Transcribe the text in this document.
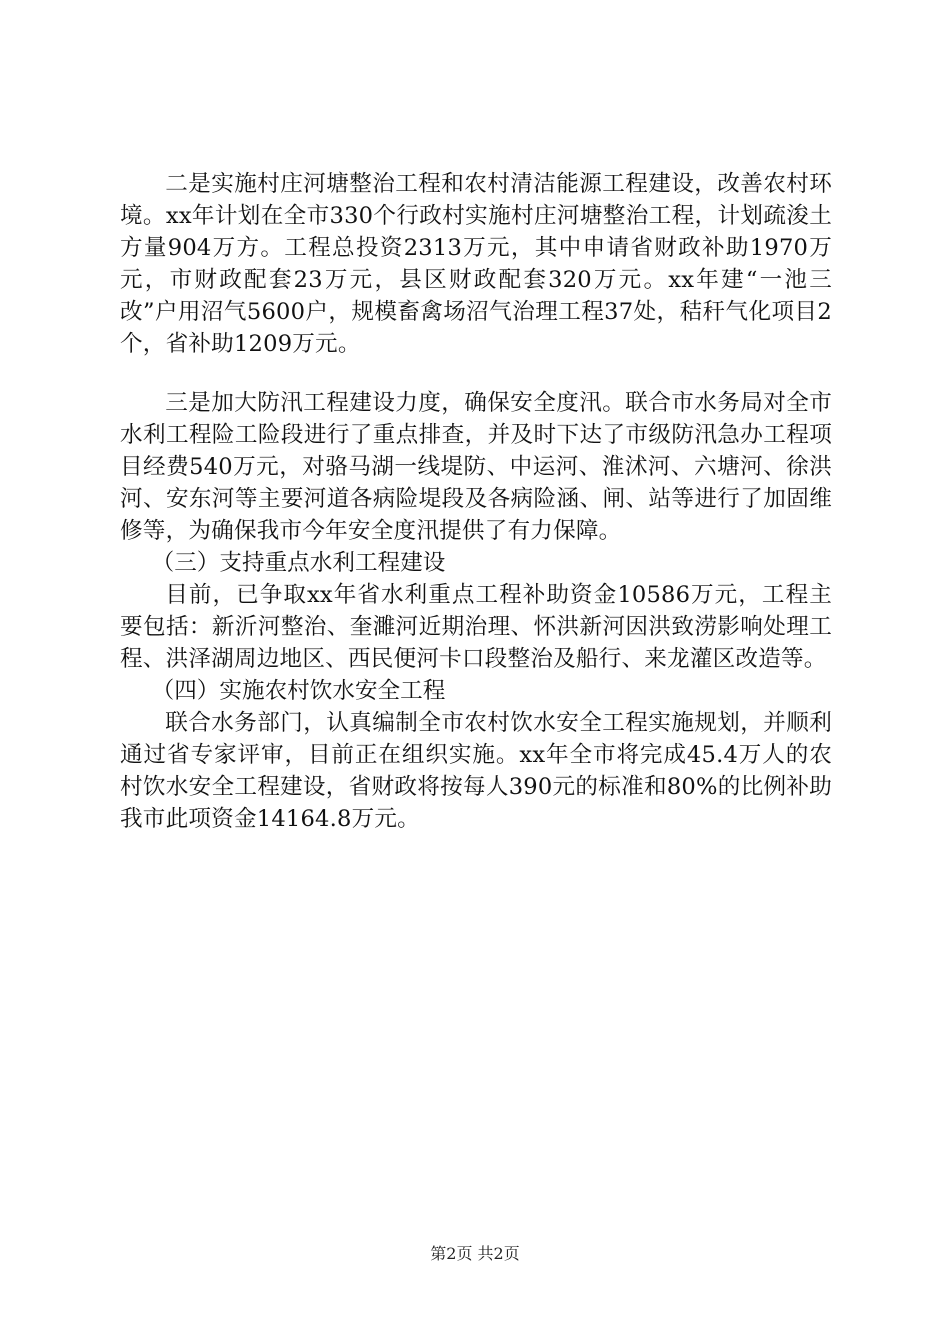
二是实施村庄河塘整治工程和农村清洁能源工程建设，改善农村环境。xx年计划在全市330个行政村实施村庄河塘整治工程，计划疏浚土方量904万方。工程总投资2313万元，其中申请省财政补助1970万元，市财政配套23万元，县区财政配套320万元。xx年建“一池三改”户用沼气5600户，规模畜禽场沼气治理工程37处，秸秆气化项目2个，省补助1209万元。

三是加大防汛工程建设力度，确保安全度汛。联合市水务局对全市水利工程险工险段进行了重点排查，并及时下达了市级防汛急办工程项目经费540万元，对骆马湖一线堤防、中运河、淮沭河、六塘河、徐洪河、安东河等主要河道各病险堤段及各病险涵、闸、站等进行了加固维修等，为确保我市今年安全度汛提供了有力保障。

（三）支持重点水利工程建设

目前，已争取xx年省水利重点工程补助资金10586万元，工程主要包括：新沂河整治、奎濉河近期治理、怀洪新河因洪致涝影响处理工程、洪泽湖周边地区、西民便河卡口段整治及船行、来龙灌区改造等。

（四）实施农村饮水安全工程

联合水务部门，认真编制全市农村饮水安全工程实施规划，并顺利通过省专家评审，目前正在组织实施。xx年全市将完成45.4万人的农村饮水安全工程建设，省财政将按每人390元的标准和80%的比例补助我市此项资金14164.8万元。

第2页 共2页
